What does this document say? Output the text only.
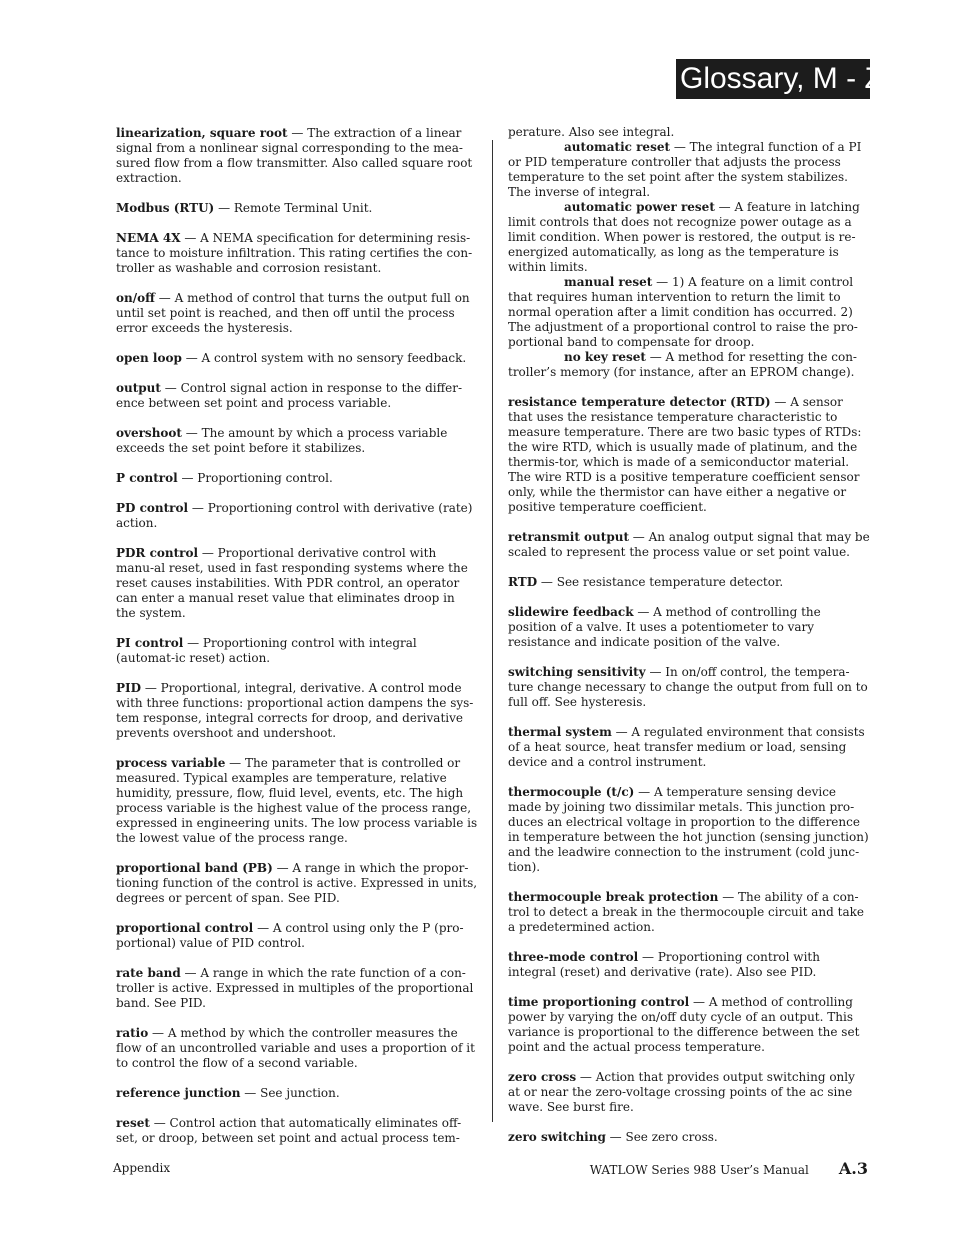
Glossary, M - Z
linearization, square root — The extraction of a linear signal from a nonlinear signal corresponding to the mea-sured flow from a flow transmitter. Also called square root extraction.
Modbus (RTU) — Remote Terminal Unit.
NEMA 4X — A NEMA specification for determining resis-tance to moisture infiltration. This rating certifies the con-troller as washable and corrosion resistant.
on/off — A method of control that turns the output full on until set point is reached, and then off until the process error exceeds the hysteresis.
open loop — A control system with no sensory feedback.
output — Control signal action in response to the differ-ence between set point and process variable.
overshoot — The amount by which a process variable exceeds the set point before it stabilizes.
P control — Proportioning control.
PD control — Proportioning control with derivative (rate) action.
PDR control — Proportional derivative control with manu-al reset, used in fast responding systems where the reset causes instabilities. With PDR control, an operator can enter a manual reset value that eliminates droop in the system.
PI control — Proportioning control with integral (automat-ic reset) action.
PID — Proportional, integral, derivative. A control mode with three functions: proportional action dampens the sys-tem response, integral corrects for droop, and derivative prevents overshoot and undershoot.
process variable — The parameter that is controlled or measured. Typical examples are temperature, relative humidity, pressure, flow, fluid level, events, etc. The high process variable is the highest value of the process range, expressed in engineering units. The low process variable is the lowest value of the process range.
proportional band (PB) — A range in which the propor-tioning function of the control is active. Expressed in units, degrees or percent of span. See PID.
proportional control — A control using only the P (pro-portional) value of PID control.
rate band — A range in which the rate function of a con-troller is active. Expressed in multiples of the proportional band. See PID.
ratio — A method by which the controller measures the flow of an uncontrolled variable and uses a proportion of it to control the flow of a second variable.
reference junction — See junction.
reset — Control action that automatically eliminates off-set, or droop, between set point and actual process tem-
perature. Also see integral.
automatic reset — The integral function of a PI or PID temperature controller that adjusts the process temperature to the set point after the system stabilizes. The inverse of integral.
automatic power reset — A feature in latching limit controls that does not recognize power outage as a limit condition. When power is restored, the output is re-energized automatically, as long as the temperature is within limits.
manual reset — 1) A feature on a limit control that requires human intervention to return the limit to normal operation after a limit condition has occurred. 2) The adjustment of a proportional control to raise the pro-portional band to compensate for droop.
no key reset — A method for resetting the con-troller’s memory (for instance, after an EPROM change).
resistance temperature detector (RTD) — A sensor that uses the resistance temperature characteristic to measure temperature. There are two basic types of RTDs: the wire RTD, which is usually made of platinum, and the thermis-tor, which is made of a semiconductor material. The wire RTD is a positive temperature coefficient sensor only, while the thermistor can have either a negative or positive temperature coefficient.
retransmit output — An analog output signal that may be scaled to represent the process value or set point value.
RTD — See resistance temperature detector.
slidewire feedback — A method of controlling the position of a valve. It uses a potentiometer to vary resistance and indicate position of the valve.
switching sensitivity — In on/off control, the tempera-ture change necessary to change the output from full on to full off. See hysteresis.
thermal system — A regulated environment that consists of a heat source, heat transfer medium or load, sensing device and a control instrument.
thermocouple (t/c) — A temperature sensing device made by joining two dissimilar metals. This junction pro-duces an electrical voltage in proportion to the difference in temperature between the hot junction (sensing junction) and the leadwire connection to the instrument (cold junc-tion).
thermocouple break protection — The ability of a con-trol to detect a break in the thermocouple circuit and take a predetermined action.
three-mode control — Proportioning control with integral (reset) and derivative (rate). Also see PID.
time proportioning control — A method of controlling power by varying the on/off duty cycle of an output. This variance is proportional to the difference between the set point and the actual process temperature.
zero cross — Action that provides output switching only at or near the zero-voltage crossing points of the ac sine wave. See burst fire.
zero switching — See zero cross.
Appendix	WATLOW Series 988 User’s Manual A.3
